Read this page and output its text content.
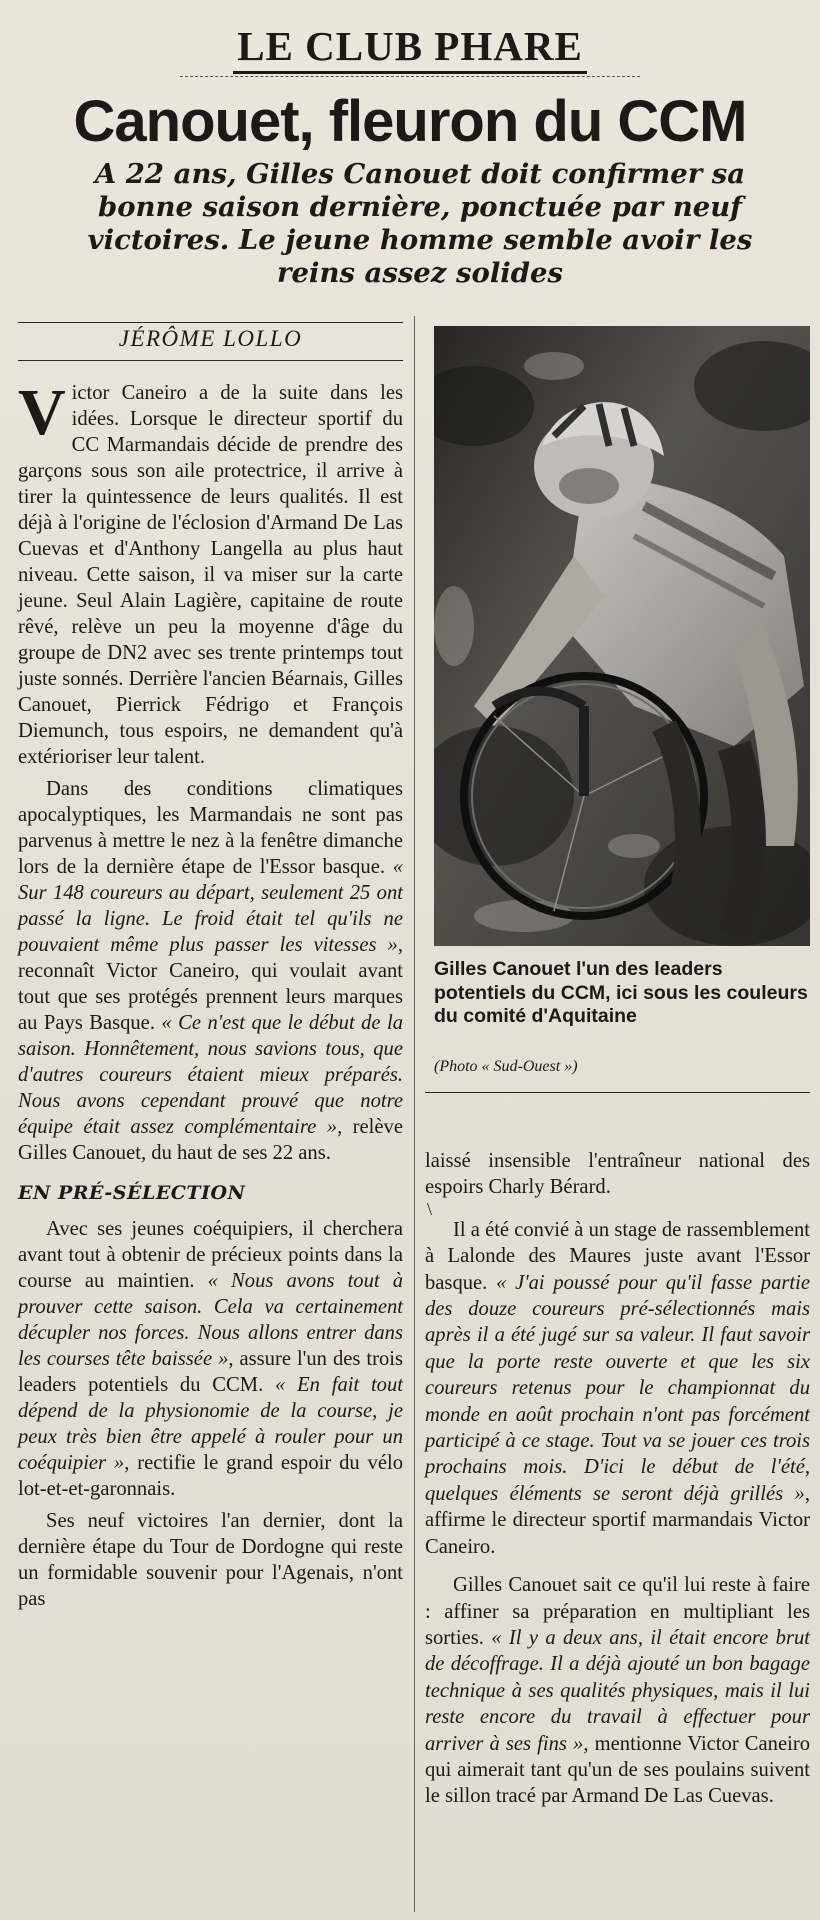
LE CLUB PHARE
Canouet, fleuron du CCM
A 22 ans, Gilles Canouet doit confirmer sa bonne saison dernière, ponctuée par neuf victoires. Le jeune homme semble avoir les reins assez solides
JÉRÔME LOLLO

Victor Caneiro a de la suite dans les idées. Lorsque le directeur sportif du CC Marmandais décide de prendre des garçons sous son aile protectrice, il arrive à tirer la quintessence de leurs qualités. Il est déjà à l'origine de l'éclosion d'Armand De Las Cuevas et d'Anthony Langella au plus haut niveau. Cette saison, il va miser sur la carte jeune. Seul Alain Lagière, capitaine de route rêvé, relève un peu la moyenne d'âge du groupe de DN2 avec ses trente printemps tout juste sonnés. Derrière l'ancien Béarnais, Gilles Canouet, Pierrick Fédrigo et François Diemunch, tous espoirs, ne demandent qu'à extérioriser leur talent.

Dans des conditions climatiques apocalyptiques, les Marmandais ne sont pas parvenus à mettre le nez à la fenêtre dimanche lors de la dernière étape de l'Essor basque. « Sur 148 coureurs au départ, seulement 25 ont passé la ligne. Le froid était tel qu'ils ne pouvaient même plus passer les vitesses », reconnaît Victor Caneiro, qui voulait avant tout que ses protégés prennent leurs marques au Pays Basque. « Ce n'est que le début de la saison. Honnêtement, nous savions tous, que d'autres coureurs étaient mieux préparés. Nous avons cependant prouvé que notre équipe était assez complémentaire », relève Gilles Canouet, du haut de ses 22 ans.

EN PRÉ-SÉLECTION

Avec ses jeunes coéquipiers, il cherchera avant tout à obtenir de précieux points dans la course au maintien. « Nous avons tout à prouver cette saison. Cela va certainement décupler nos forces. Nous allons entrer dans les courses tête baissée », assure l'un des trois leaders potentiels du CCM. « En fait tout dépend de la physionomie de la course, je peux très bien être appelé à rouler pour un coéquipier », rectifie le grand espoir du vélo lot-et-et-garonnais.

Ses neuf victoires l'an dernier, dont la dernière étape du Tour de Dordogne qui reste un formidable souvenir pour l'Agenais, n'ont pas

Gilles Canouet l'un des leaders potentiels du CCM, ici sous les couleurs du comité d'Aquitaine
(Photo « Sud-Ouest »)

laissé insensible l'entraîneur national des espoirs Charly Bérard.

\

Il a été convié à un stage de rassemblement à Lalonde des Maures juste avant l'Essor basque. « J'ai poussé pour qu'il fasse partie des douze coureurs pré-sélectionnés mais après il a été jugé sur sa valeur. Il faut savoir que la porte reste ouverte et que les six coureurs retenus pour le championnat du monde en août prochain n'ont pas forcément participé à ce stage. Tout va se jouer ces trois prochains mois. D'ici le début de l'été, quelques éléments se seront déjà grillés », affirme le directeur sportif marmandais Victor Caneiro.

Gilles Canouet sait ce qu'il lui reste à faire : affiner sa préparation en multipliant les sorties. « Il y a deux ans, il était encore brut de décoffrage. Il a déjà ajouté un bon bagage technique à ses qualités physiques, mais il lui reste encore du travail à effectuer pour arriver à ses fins », mentionne Victor Caneiro qui aimerait tant qu'un de ses poulains suivent le sillon tracé par Armand De Las Cuevas.
